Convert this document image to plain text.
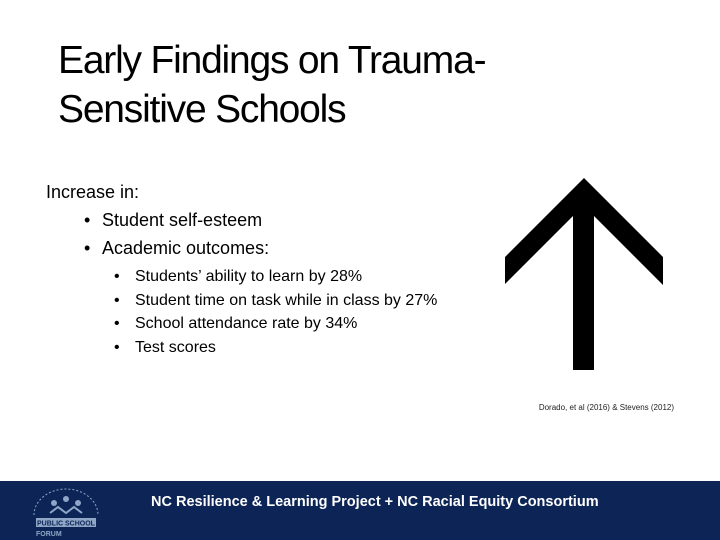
Early Findings on Trauma-
Sensitive Schools
Increase in:
• Student self-esteem
• Academic outcomes:
• Students’ ability to learn by 28%
• Student time on task while in class by 27%
• School attendance rate by 34%
• Test scores
Dorado, et al (2016) & Stevens (2012)
PUBLIC SCHOOL
FORUM
NC Resilience & Learning Project + NC Racial Equity Consortium
